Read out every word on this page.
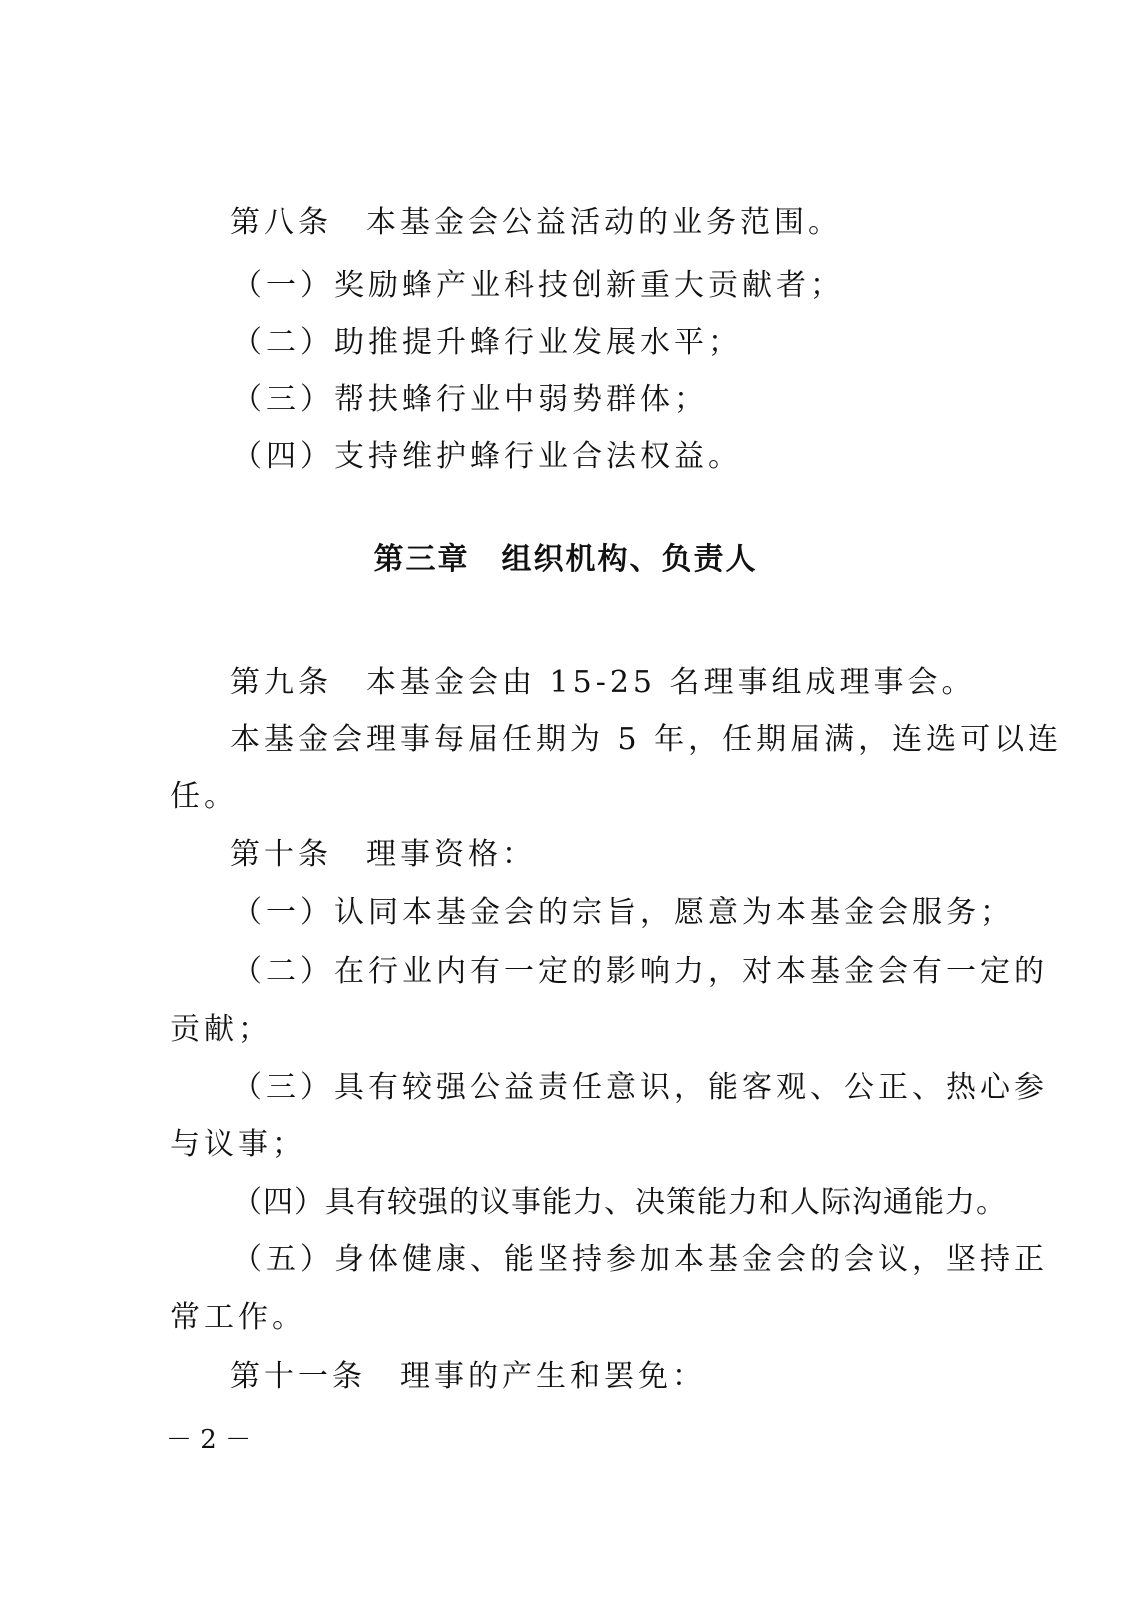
第八条　本基金会公益活动的业务范围。
（一）奖励蜂产业科技创新重大贡献者；
（二）助推提升蜂行业发展水平；
（三）帮扶蜂行业中弱势群体；
（四）支持维护蜂行业合法权益。
第三章　组织机构、负责人
第九条　本基金会由 15-25 名理事组成理事会。
本基金会理事每届任期为 5 年，任期届满，连选可以连
任。
第十条　理事资格：
（一）认同本基金会的宗旨，愿意为本基金会服务；
（二）在行业内有一定的影响力，对本基金会有一定的
贡献；
（三）具有较强公益责任意识，能客观、公正、热心参
与议事；
（四）具有较强的议事能力、决策能力和人际沟通能力。
（五）身体健康、能坚持参加本基金会的会议，坚持正
常工作。
第十一条　理事的产生和罢免：
－ 2 －
